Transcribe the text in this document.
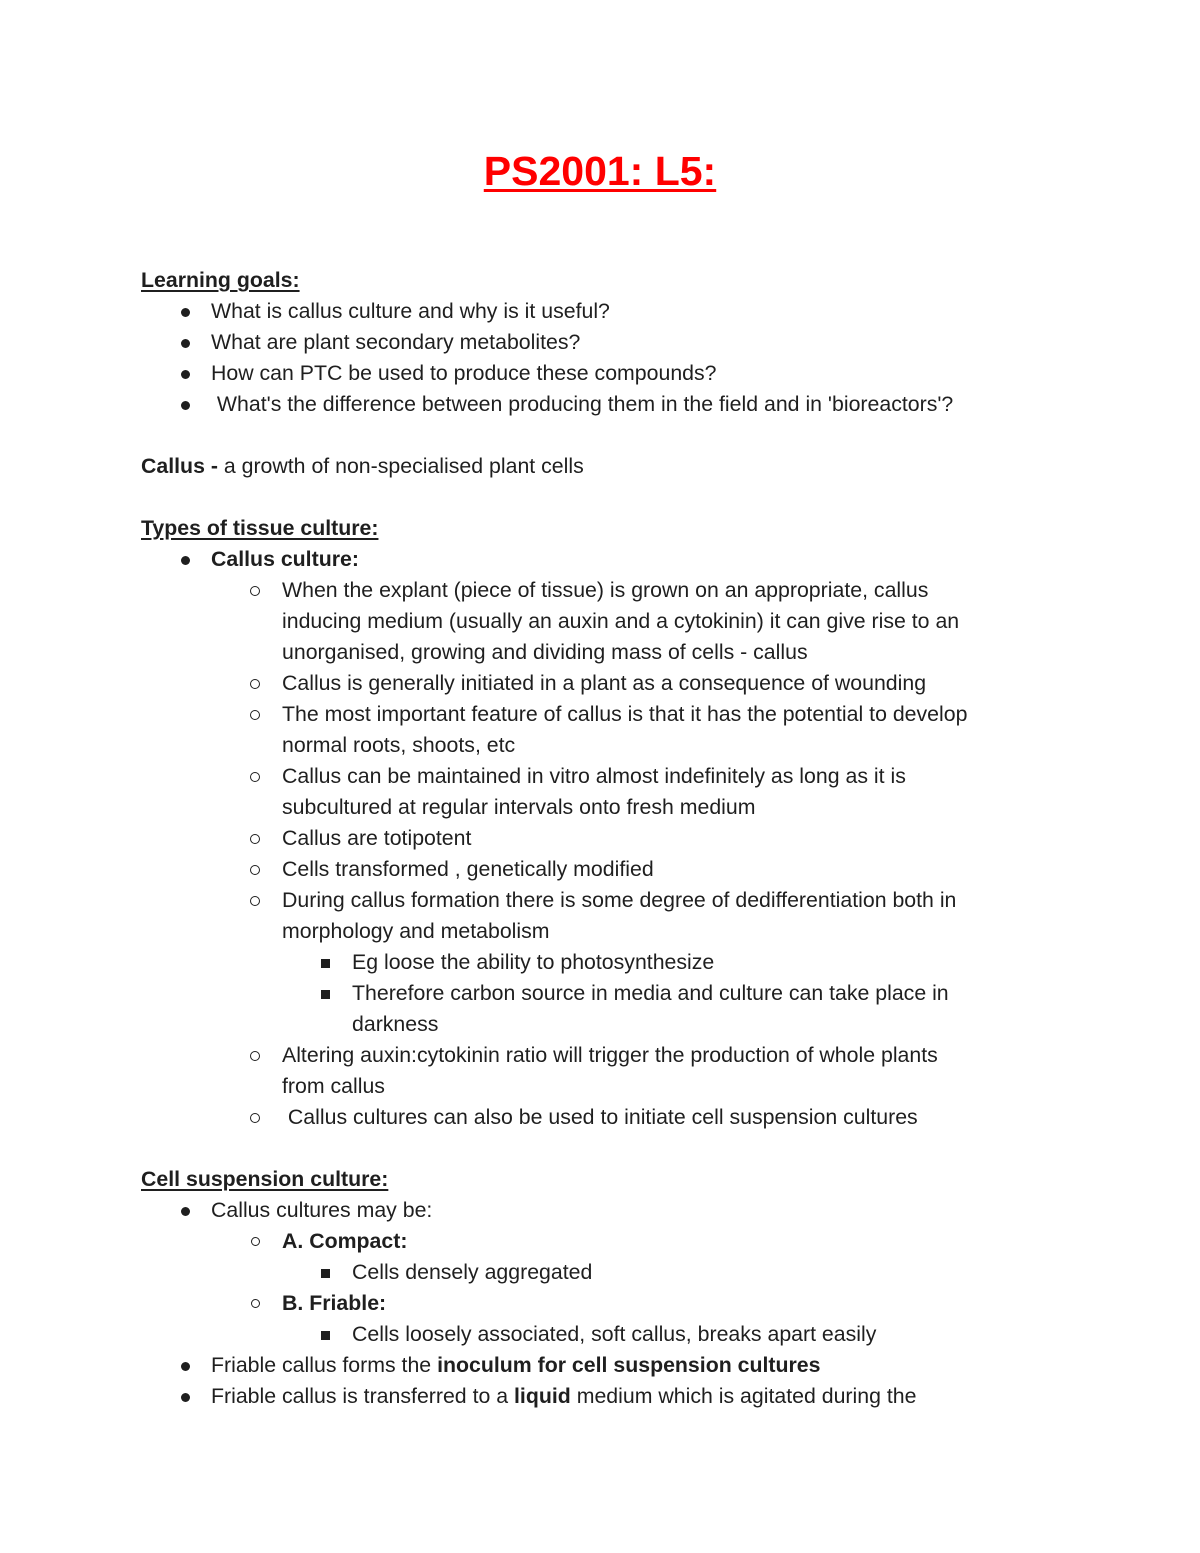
PS2001: L5:
Learning goals:
What is callus culture and why is it useful?
What are plant secondary metabolites?
How can PTC be used to produce these compounds?
What's the difference between producing them in the field and in 'bioreactors'?
Callus - a growth of non-specialised plant cells
Types of tissue culture:
Callus culture:
When the explant (piece of tissue) is grown on an appropriate, callus
inducing medium (usually an auxin and a cytokinin) it can give rise to an
unorganised, growing and dividing mass of cells - callus
Callus is generally initiated in a plant as a consequence of wounding
The most important feature of callus is that it has the potential to develop
normal roots, shoots, etc
Callus can be maintained in vitro almost indefinitely as long as it is
subcultured at regular intervals onto fresh medium
Callus are totipotent
Cells transformed , genetically modified
During callus formation there is some degree of dedifferentiation both in
morphology and metabolism
Eg loose the ability to photosynthesize
Therefore carbon source in media and culture can take place in
darkness
Altering auxin:cytokinin ratio will trigger the production of whole plants
from callus
Callus cultures can also be used to initiate cell suspension cultures
Cell suspension culture:
Callus cultures may be:
A. Compact:
Cells densely aggregated
B. Friable:
Cells loosely associated, soft callus, breaks apart easily
Friable callus forms the inoculum for cell suspension cultures
Friable callus is transferred to a liquid medium which is agitated during the
